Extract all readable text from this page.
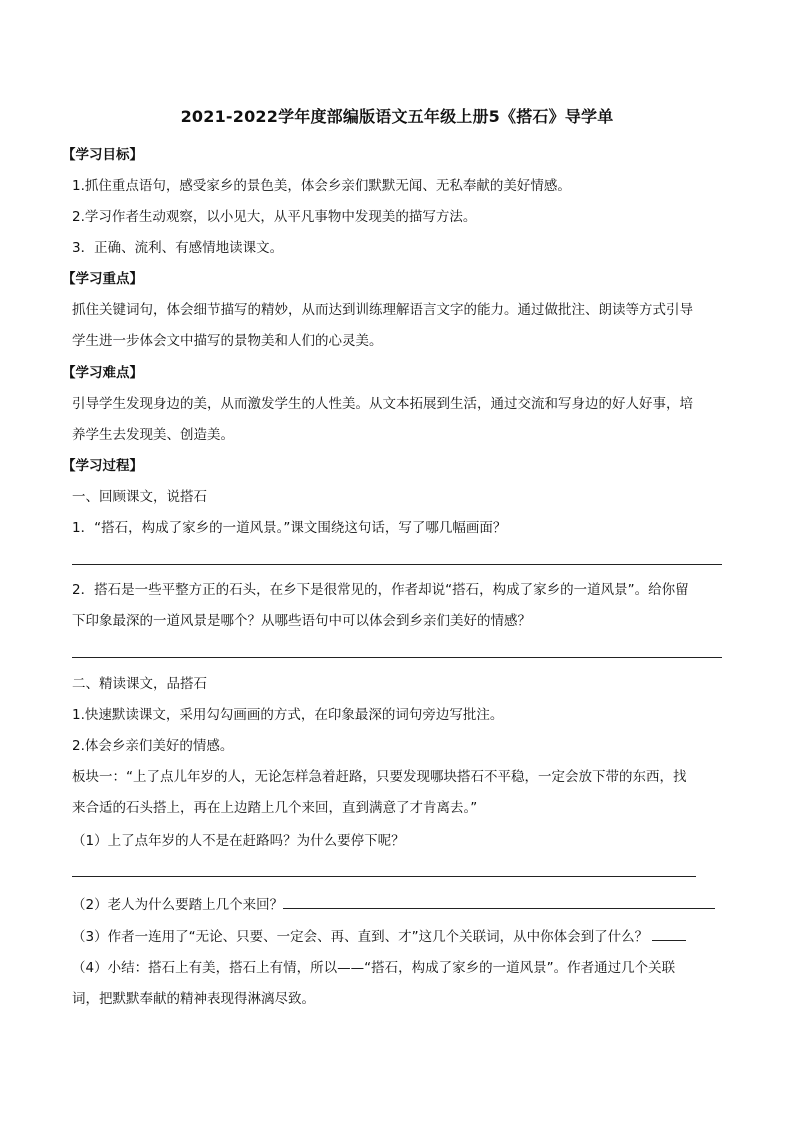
2021-2022学年度部编版语文五年级上册5《搭石》导学单

【学习目标】

1.抓住重点语句，感受家乡的景色美，体会乡亲们默默无闻、无私奉献的美好情感。

2.学习作者生动观察，以小见大，从平凡事物中发现美的描写方法。

3．正确、流利、有感情地读课文。

【学习重点】

抓住关键词句，体会细节描写的精妙，从而达到训练理解语言文字的能力。通过做批注、朗读等方式引导

学生进一步体会文中描写的景物美和人们的心灵美。

【学习难点】

引导学生发现身边的美，从而激发学生的人性美。从文本拓展到生活，通过交流和写身边的好人好事，培

养学生去发现美、创造美。

【学习过程】

一、回顾课文，说搭石

1．“搭石，构成了家乡的一道风景。”课文围绕这句话，写了哪几幅画面？

2．搭石是一些平整方正的石头，在乡下是很常见的，作者却说“搭石，构成了家乡的一道风景”。给你留

下印象最深的一道风景是哪个？从哪些语句中可以体会到乡亲们美好的情感？

二、精读课文，品搭石

1.快速默读课文，采用勾勾画画的方式，在印象最深的词句旁边写批注。

2.体会乡亲们美好的情感。

板块一：“上了点儿年岁的人，无论怎样急着赶路，只要发现哪块搭石不平稳，一定会放下带的东西，找

来合适的石头搭上，再在上边踏上几个来回，直到满意了才肯离去。”

（1）上了点年岁的人不是在赶路吗？为什么要停下呢？

（2）老人为什么要踏上几个来回？

（3）作者一连用了“无论、只要、一定会、再、直到、才”这几个关联词，从中你体会到了什么？

（4）小结：搭石上有美，搭石上有情，所以——“搭石，构成了家乡的一道风景”。作者通过几个关联

词，把默默奉献的精神表现得淋漓尽致。
